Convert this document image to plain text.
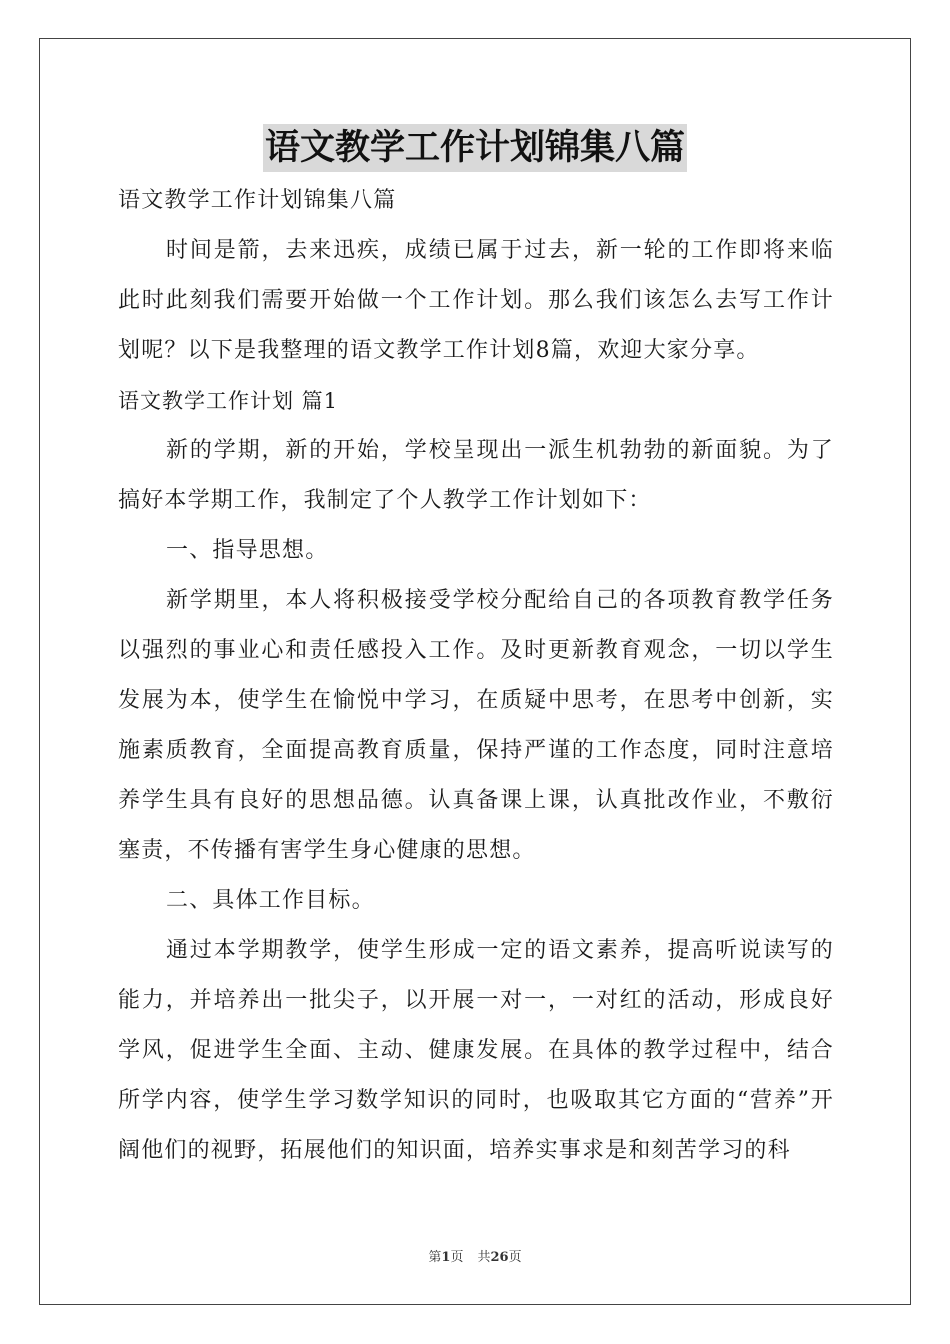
语文教学工作计划锦集八篇

语文教学工作计划锦集八篇

时间是箭，去来迅疾，成绩已属于过去，新一轮的工作即将来临此时此刻我们需要开始做一个工作计划。那么我们该怎么去写工作计划呢？以下是我整理的语文教学工作计划8篇，欢迎大家分享。

语文教学工作计划 篇1

新的学期，新的开始，学校呈现出一派生机勃勃的新面貌。为了搞好本学期工作，我制定了个人教学工作计划如下：

一、指导思想。

新学期里，本人将积极接受学校分配给自己的各项教育教学任务以强烈的事业心和责任感投入工作。及时更新教育观念，一切以学生发展为本，使学生在愉悦中学习，在质疑中思考，在思考中创新，实施素质教育，全面提高教育质量，保持严谨的工作态度，同时注意培养学生具有良好的思想品德。认真备课上课，认真批改作业，不敷衍塞责，不传播有害学生身心健康的思想。

二、具体工作目标。

通过本学期教学，使学生形成一定的语文素养，提高听说读写的能力，并培养出一批尖子，以开展一对一，一对红的活动，形成良好学风，促进学生全面、主动、健康发展。在具体的教学过程中，结合所学内容，使学生学习数学知识的同时，也吸取其它方面的“营养”开阔他们的视野，拓展他们的知识面，培养实事求是和刻苦学习的科

第1页 共26页
